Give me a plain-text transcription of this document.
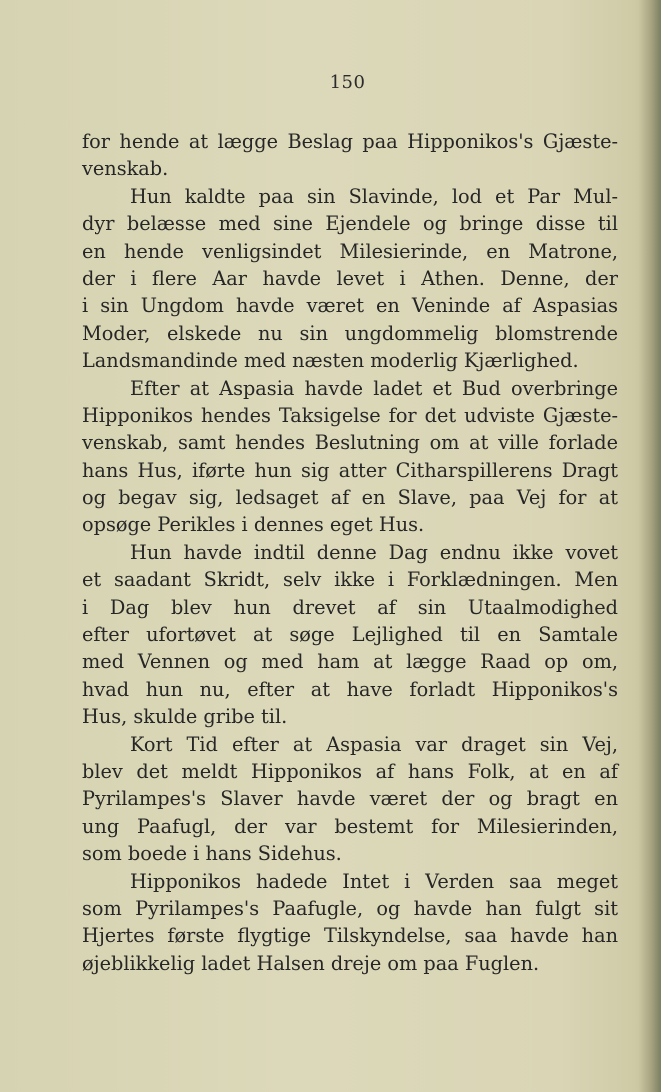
150
for hende at lægge Beslag paa Hipponikos's Gjæste-
venskab.
Hun kaldte paa sin Slavinde, lod et Par Mul-
dyr belæsse med sine Ejendele og bringe disse til
en hende venligsindet Milesierinde, en Matrone,
der i flere Aar havde levet i Athen. Denne, der
i sin Ungdom havde været en Veninde af Aspasias
Moder, elskede nu sin ungdommelig blomstrende
Landsmandinde med næsten moderlig Kjærlighed.
Efter at Aspasia havde ladet et Bud overbringe
Hipponikos hendes Taksigelse for det udviste Gjæste-
venskab, samt hendes Beslutning om at ville forlade
hans Hus, iførte hun sig atter Citharspillerens Dragt
og begav sig, ledsaget af en Slave, paa Vej for at
opsøge Perikles i dennes eget Hus.
Hun havde indtil denne Dag endnu ikke vovet
et saadant Skridt, selv ikke i Forklædningen. Men
i Dag blev hun drevet af sin Utaalmodighed
efter ufortøvet at søge Lejlighed til en Samtale
med Vennen og med ham at lægge Raad op om,
hvad hun nu, efter at have forladt Hipponikos's
Hus, skulde gribe til.
Kort Tid efter at Aspasia var draget sin Vej,
blev det meldt Hipponikos af hans Folk, at en af
Pyrilampes's Slaver havde været der og bragt en
ung Paafugl, der var bestemt for Milesierinden,
som boede i hans Sidehus.
Hipponikos hadede Intet i Verden saa meget
som Pyrilampes's Paafugle, og havde han fulgt sit
Hjertes første flygtige Tilskyndelse, saa havde han
øjeblikkelig ladet Halsen dreje om paa Fuglen.
